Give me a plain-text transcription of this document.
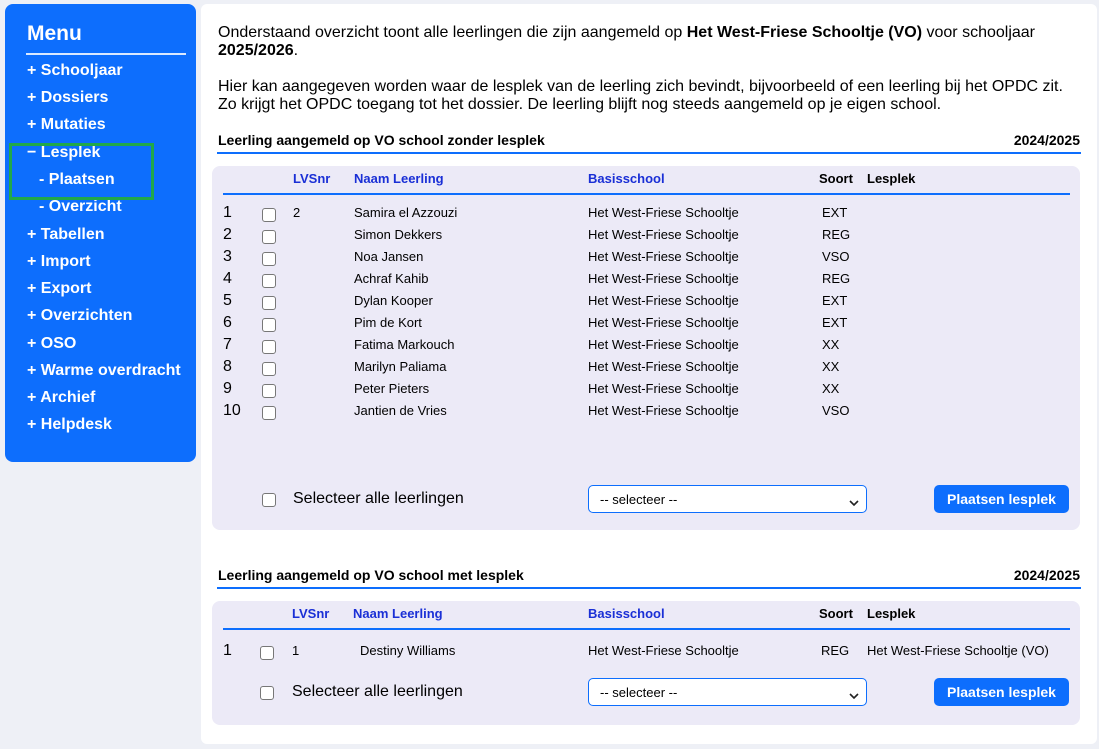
Menu
+ Schooljaar
+ Dossiers
+ Mutaties
− Lesplek
- Plaatsen
- Overzicht
+ Tabellen
+ Import
+ Export
+ Overzichten
+ OSO
+ Warme overdracht
+ Archief
+ Helpdesk
Onderstaand overzicht toont alle leerlingen die zijn aangemeld op Het West-Friese Schooltje (VO) voor schooljaar
2025/2026.
Hier kan aangegeven worden waar de lesplek van de leerling zich bevindt, bijvoorbeeld of een leerling bij het OPDC zit. Zo krijgt het OPDC toegang tot het dossier. De leerling blijft nog steeds aangemeld op je eigen school.
Leerling aangemeld op VO school zonder lesplek	2024/2025
LVSnr Naam Leerling	Basisschool	Soort Lesplek
1	2	Samira el Azzouzi	Het West-Friese Schooltje	EXT
2	Simon Dekkers	Het West-Friese Schooltje	REG
3	Noa Jansen	Het West-Friese Schooltje	VSO
4	Achraf Kahib	Het West-Friese Schooltje	REG
5	Dylan Kooper	Het West-Friese Schooltje	EXT
6	Pim de Kort	Het West-Friese Schooltje	EXT
7	Fatima Markouch	Het West-Friese Schooltje	XX
8	Marilyn Paliama	Het West-Friese Schooltje	XX
9	Peter Pieters	Het West-Friese Schooltje	XX
10	Jantien de Vries	Het West-Friese Schooltje	VSO
Selecteer alle leerlingen	-- selecteer --	Plaatsen lesplek
Leerling aangemeld op VO school met lesplek	2024/2025
LVSnr Naam Leerling	Basisschool	Soort Lesplek
1	1	Destiny Williams	Het West-Friese Schooltje	REG Het West-Friese Schooltje (VO)
Selecteer alle leerlingen	-- selecteer --	Plaatsen lesplek
